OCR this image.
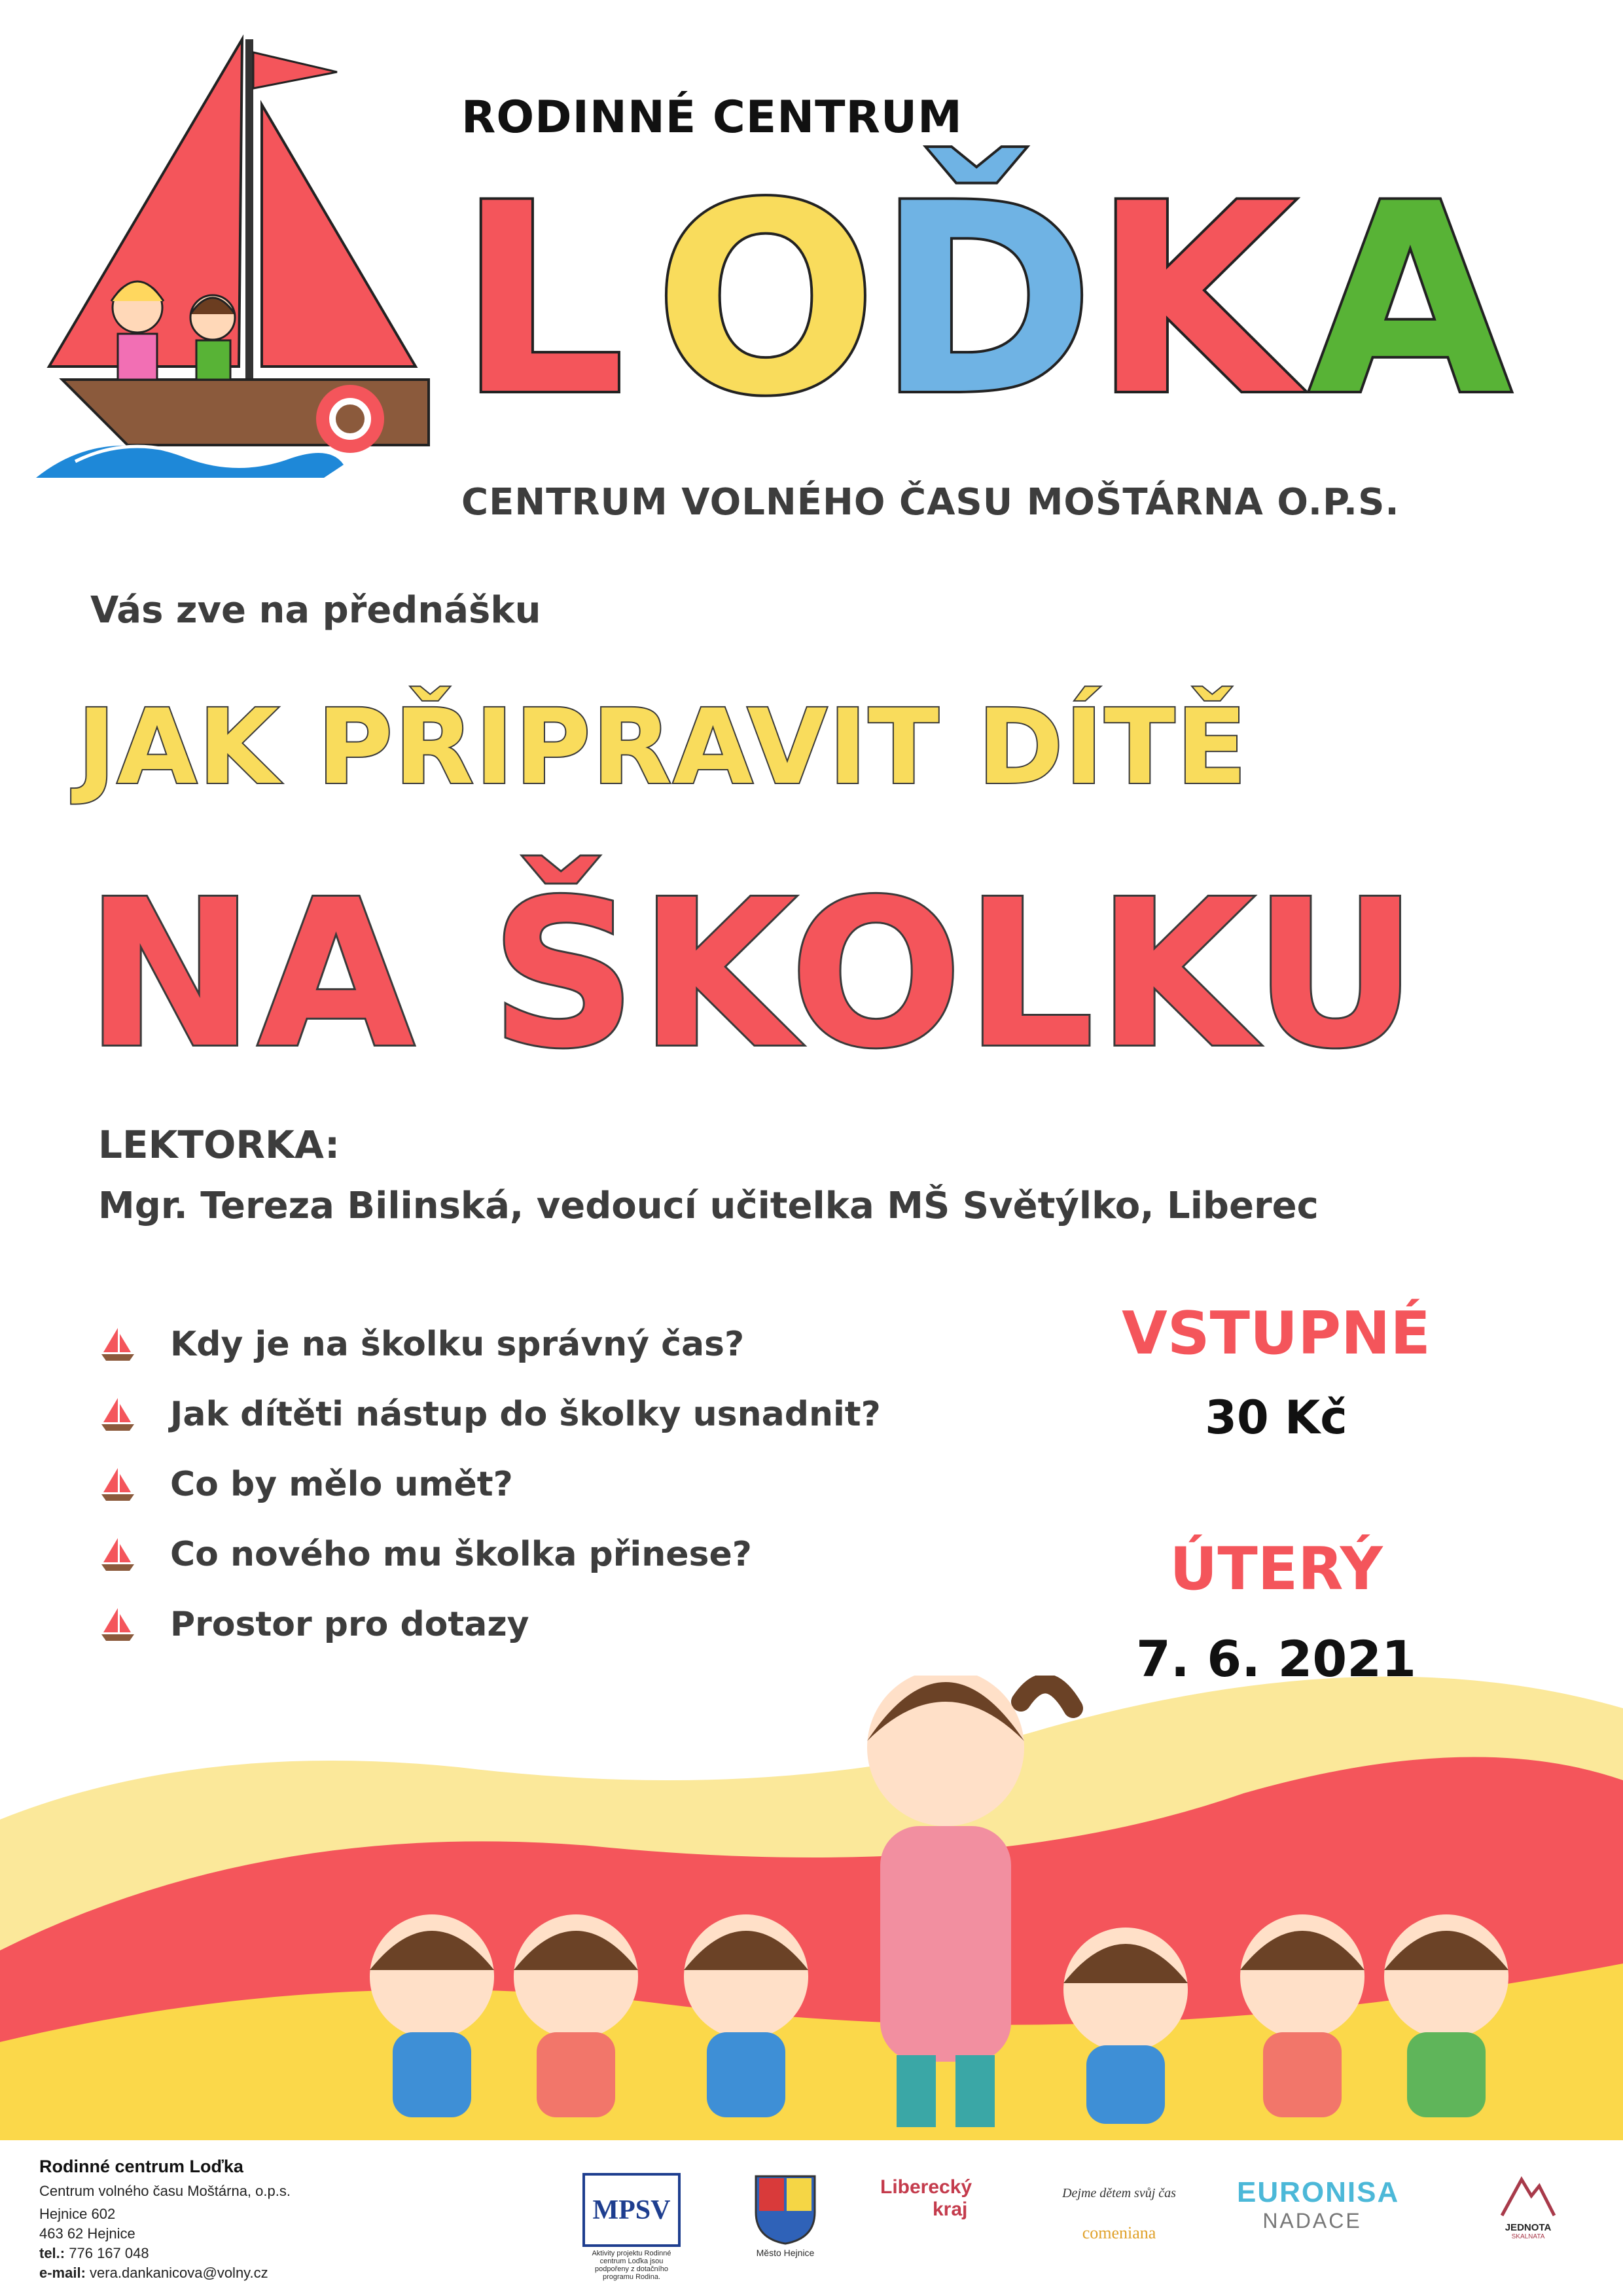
RODINNÉ CENTRUM
L O Ď
K A
CENTRUM VOLNÉHO ČASU MOŠTÁRNA O.P.S.
Vás zve na přednášku
JAK PŘIPRAVIT DÍTĚ
NA ŠKOLKU
LEKTORKA:
Mgr. Tereza Bilinská, vedoucí učitelka MŠ Světýlko, Liberec
Kdy je na školku správný čas?
Jak dítěti nástup do školky usnadnit?
Co by mělo umět?
Co nového mu školka přinese?
Prostor pro dotazy
VSTUPNÉ
30 Kč
ÚTERÝ
7. 6. 2021
Rodinné centrum Loďka
Centrum volného času Moštárna, o.p.s.
Hejnice 602
463 62 Hejnice
tel.: 776 167 048
e-mail: vera.dankanicova@volny.cz
MPSV
Aktivity projektu Rodinné centrum Loďka jsou podpořeny z dotačního programu Rodina.
Město Hejnice
Liberecký
kraj
Dejme dětem svůj čas
comeniana
EURONISA
NADACE	JEDNOTA
SKALNATA
